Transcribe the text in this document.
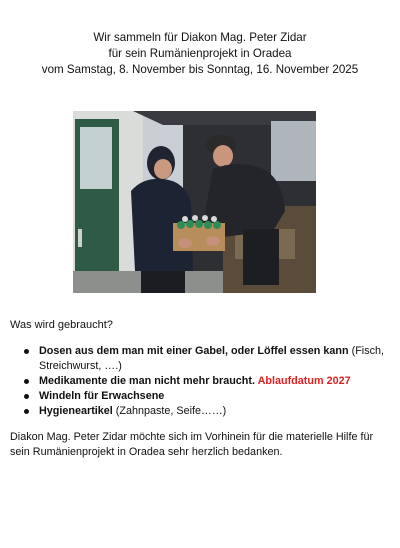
Wir sammeln für Diakon Mag. Peter Zidar
für sein Rumänienprojekt in Oradea
vom Samstag, 8. November bis Sonntag, 16. November 2025
Was wird gebraucht?
Dosen aus dem man mit einer Gabel, oder Löffel essen kann (Fisch, Streichwurst, ….)
Medikamente die man nicht mehr braucht. Ablaufdatum 2027
Windeln für Erwachsene
Hygieneartikel (Zahnpaste, Seife……)
Diakon Mag. Peter Zidar möchte sich im Vorhinein für die materielle Hilfe für sein Rumänienprojekt in Oradea sehr herzlich bedanken.
